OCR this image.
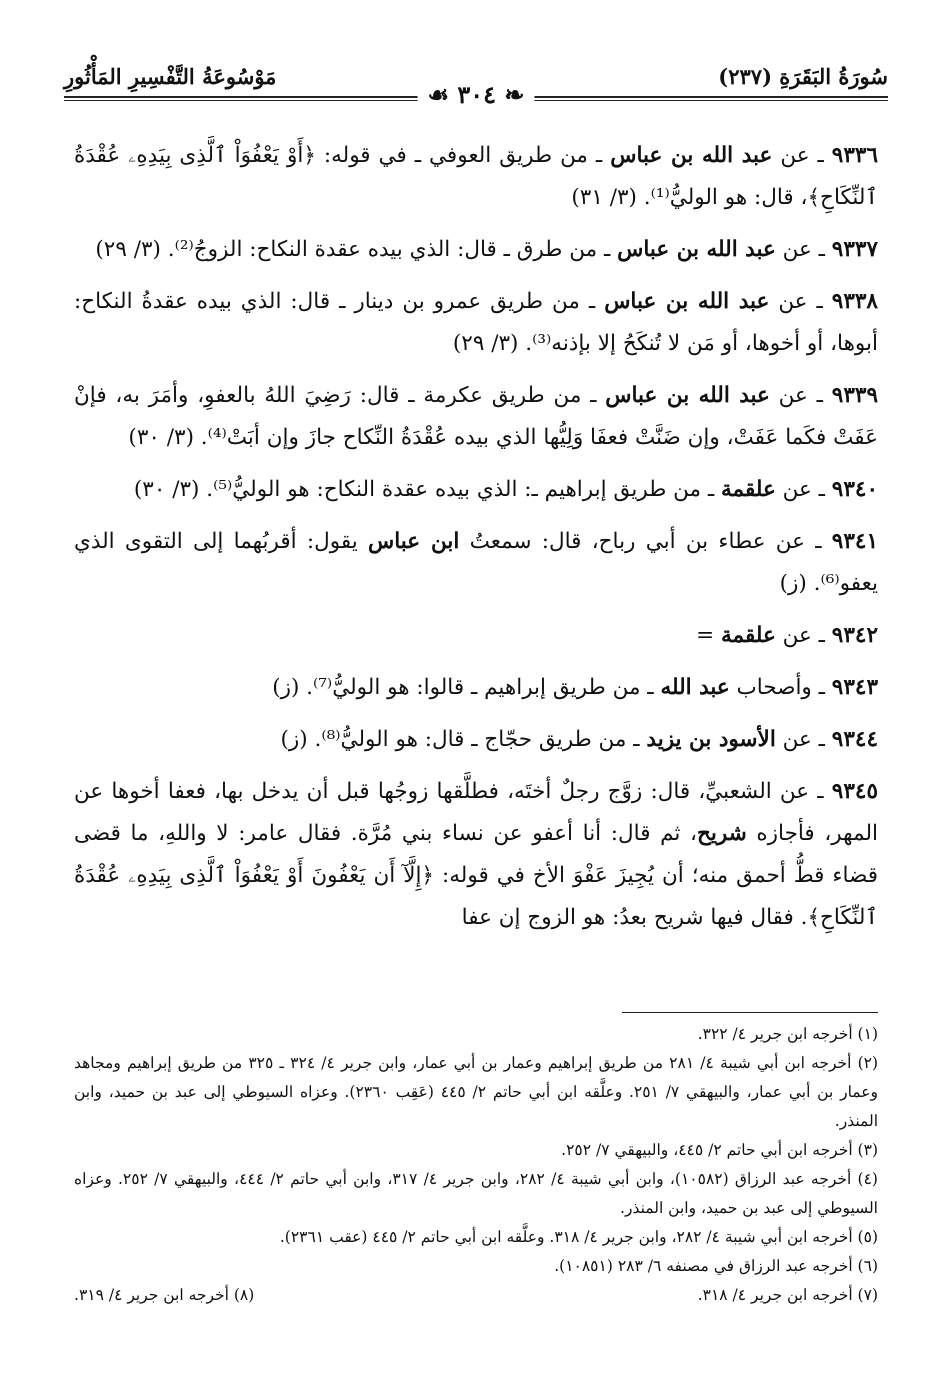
سُورَةُ البَقَرَةِ (٢٣٧)
مَوْسُوعَةُ التَّفْسِيرِ المَأْثُورِ
❧ ٣٠٤ ☙

٩٣٣٦ ـ عن عبد الله بن عباس ـ من طريق العوفي ـ في قوله: ﴿أَوْ يَعْفُوَاْ ٱلَّذِى بِيَدِهِۦ عُقْدَةُ ٱلنِّكَاحِ﴾، قال: هو الوليُّ⁽¹⁾. (٣/ ٣١)

٩٣٣٧ ـ عن عبد الله بن عباس ـ من طرق ـ قال: الذي بيده عقدة النكاح: الزوجُ⁽²⁾. (٣/ ٢٩)

٩٣٣٨ ـ عن عبد الله بن عباس ـ من طريق عمرو بن دينار ـ قال: الذي بيده عقدةُ النكاح: أبوها، أو أخوها، أو مَن لا تُنكَحُ إلا بإذنه⁽³⁾. (٣/ ٢٩)

٩٣٣٩ ـ عن عبد الله بن عباس ـ من طريق عكرمة ـ قال: رَضِيَ اللهُ بالعفوِ، وأمَرَ به، فإنْ عَفَتْ فكَما عَفَتْ، وإن ضَنَّتْ فعفَا وَلِيُّها الذي بيده عُقْدَةُ النِّكاح جازَ وإن أبَتْ⁽⁴⁾. (٣/ ٣٠)

٩٣٤٠ ـ عن علقمة ـ من طريق إبراهيم ـ: الذي بيده عقدة النكاح: هو الوليُّ⁽⁵⁾. (٣/ ٣٠)

٩٣٤١ ـ عن عطاء بن أبي رباح، قال: سمعتُ ابن عباس يقول: أقربُهما إلى التقوى الذي يعفو⁽⁶⁾. (ز)

٩٣٤٢ ـ عن علقمة =

٩٣٤٣ ـ وأصحاب عبد الله ـ من طريق إبراهيم ـ قالوا: هو الوليُّ⁽⁷⁾. (ز)

٩٣٤٤ ـ عن الأسود بن يزيد ـ من طريق حجّاج ـ قال: هو الوليُّ⁽⁸⁾. (ز)

٩٣٤٥ ـ عن الشعبيِّ، قال: زوَّج رجلٌ أختَه، فطلَّقها زوجُها قبل أن يدخل بها، فعفا أخوها عن المهر، فأجازه شريح، ثم قال: أنا أعفو عن نساء بني مُرَّة. فقال عامر: لا واللهِ، ما قضى قضاء قطُّ أحمق منه؛ أن يُجِيزَ عَفْوَ الأخ في قوله: ﴿إِلَّآ أَن يَعْفُونَ أَوْ يَعْفُوَاْ ٱلَّذِى بِيَدِهِۦ عُقْدَةُ ٱلنِّكَاحِ﴾. فقال فيها شريح بعدُ: هو الزوج إن عفا

(١) أخرجه ابن جرير ٤/ ٣٢٢.

(٢) أخرجه ابن أبي شيبة ٤/ ٢٨١ من طريق إبراهيم وعمار بن أبي عمار، وابن جرير ٤/ ٣٢٤ ـ ٣٢٥ من طريق إبراهيم ومجاهد وعمار بن أبي عمار، والبيهقي ٧/ ٢٥١. وعلَّقه ابن أبي حاتم ٢/ ٤٤٥ (عَقِب ٢٣٦٠). وعزاه السيوطي إلى عبد بن حميد، وابن المنذر.

(٣) أخرجه ابن أبي حاتم ٢/ ٤٤٥، والبيهقي ٧/ ٢٥٢.

(٤) أخرجه عبد الرزاق (١٠٥٨٢)، وابن أبي شيبة ٤/ ٢٨٢، وابن جرير ٤/ ٣١٧، وابن أبي حاتم ٢/ ٤٤٤، والبيهقي ٧/ ٢٥٢. وعزاه السيوطي إلى عبد بن حميد، وابن المنذر.

(٥) أخرجه ابن أبي شيبة ٤/ ٢٨٢، وابن جرير ٤/ ٣١٨. وعلَّقه ابن أبي حاتم ٢/ ٤٤٥ (عقب ٢٣٦١).

(٦) أخرجه عبد الرزاق في مصنفه ٦/ ٢٨٣ (١٠٨٥١).

(٧) أخرجه ابن جرير ٤/ ٣١٨.
(٨) أخرجه ابن جرير ٤/ ٣١٩.
